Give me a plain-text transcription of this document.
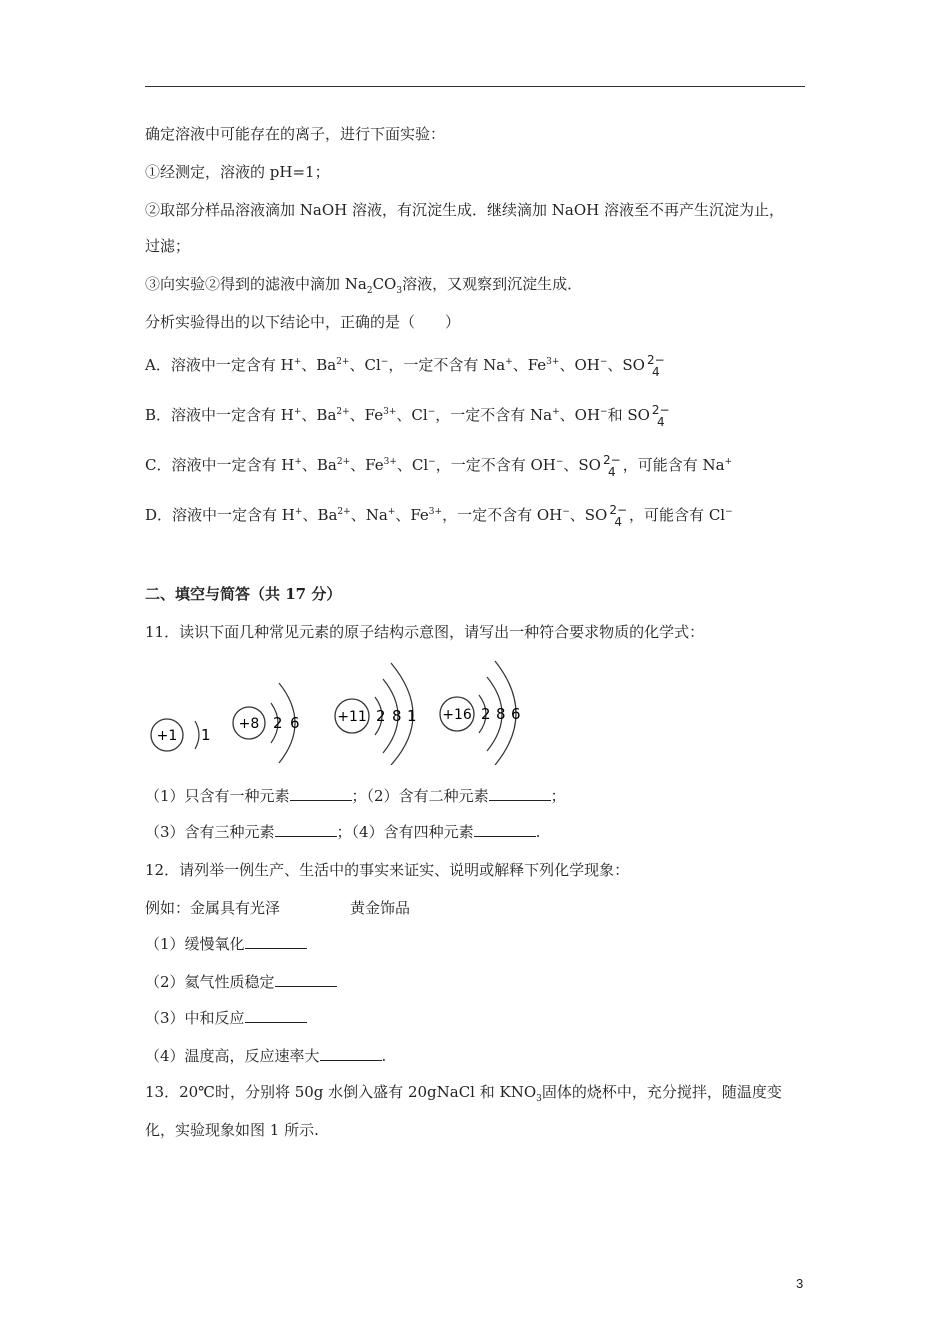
确定溶液中可能存在的离子，进行下面实验：
①经测定，溶液的 pH=1；
②取部分样品溶液滴加 NaOH 溶液，有沉淀生成．继续滴加 NaOH 溶液至不再产生沉淀为止，
过滤；
③向实验②得到的滤液中滴加 $Na_2CO_3$溶液，又观察到沉淀生成．
分析实验得出的以下结论中，正确的是（　　）
A．溶液中一定含有 H+、$Ba^{2+}$、Cl−，一定不含有 Na+、$Fe^{3+}$、OH−、SO 2−
4
B．溶液中一定含有 H+、$Ba^{2+}$、$Fe^{3+}$、Cl−，一定不含有 Na+、OH−和 SO 2−
4
C．溶液中一定含有 H+、$Ba^{2+}$、$Fe^{3+}$、Cl−，一定不含有 OH−、SO 2−
4 ，可能含有 Na+
D．溶液中一定含有 H+、$Ba^{2+}$、Na+、$Fe^{3+}$，一定不含有 OH−、SO 2−
4 ，可能含有 Cl−
二、填空与简答（共 17 分）
11．读识下面几种常见元素的原子结构示意图，请写出一种符合要求物质的化学式：
+1 1
+8 2 6	+11 2 8 1 +16 2 8 6
（1）只含有一种元素	；（2）含有二种元素	；
（3）含有三种元素	；（4）含有四种元素	.
12．请列举一例生产、生活中的事实来证实、说明或解释下列化学现象：
例如：金属具有光泽	黄金饰品
（1）缓慢氧化
（2）氦气性质稳定
（3）中和反应
（4）温度高，反应速率大	.
13．20℃时，分别将 50g 水倒入盛有 20gNaCl 和 $KNO_3$固体的烧杯中，充分搅拌，随温度变
化，实验现象如图 1 所示.
3
